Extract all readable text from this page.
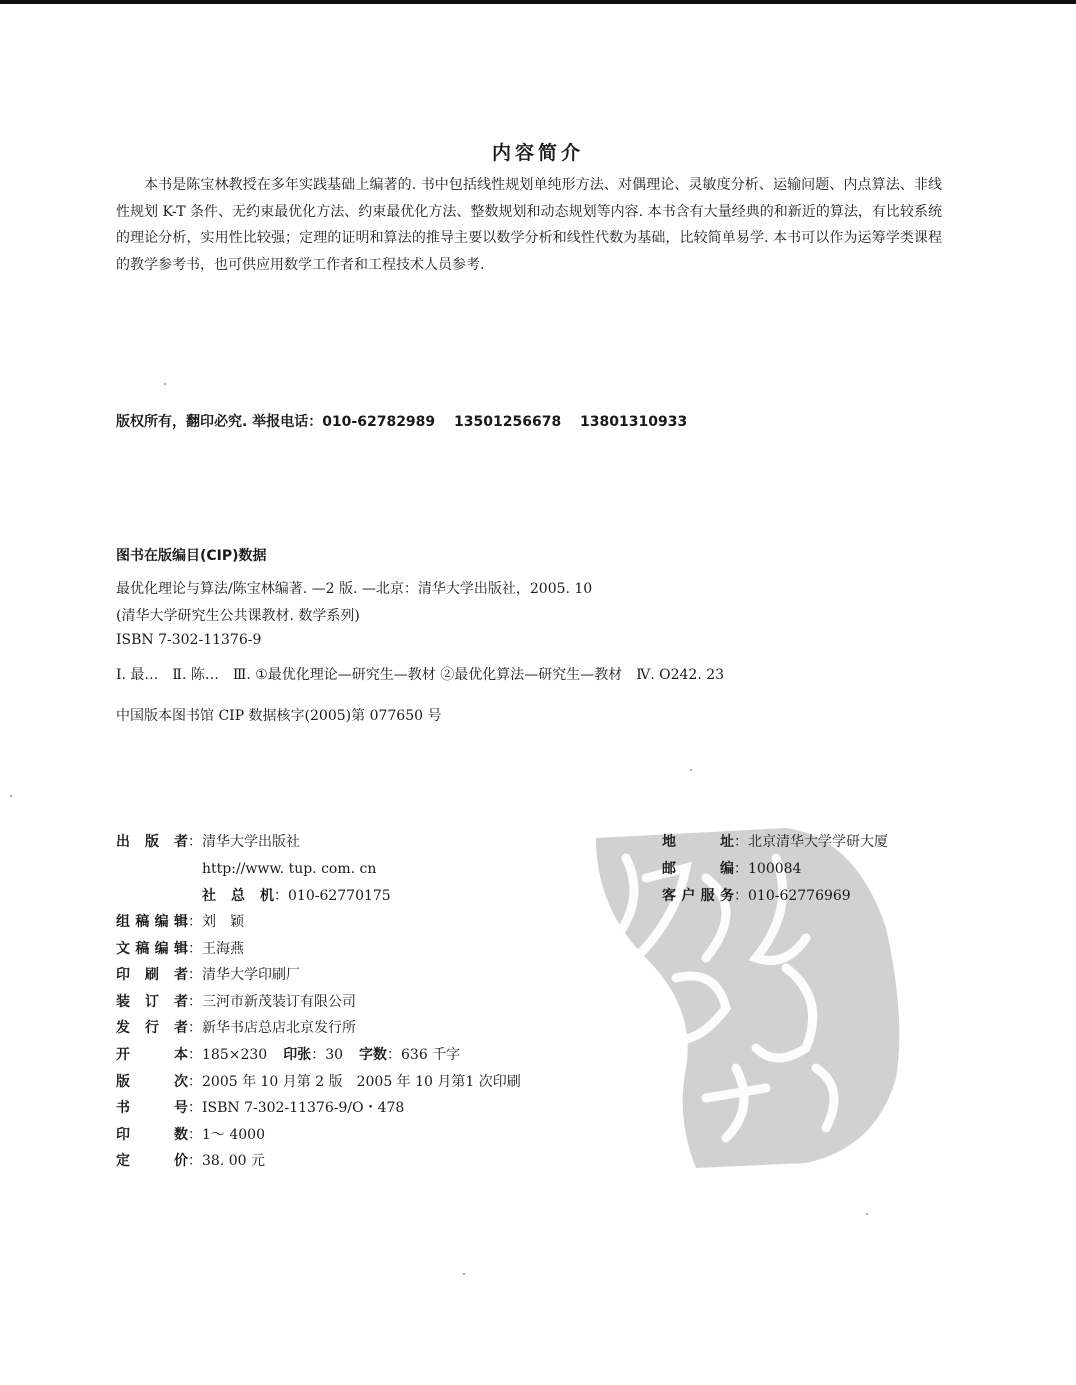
内容简介

本书是陈宝林教授在多年实践基础上编著的. 书中包括线性规划单纯形方法、对偶理论、灵敏度分析、运输问题、内点算法、非线性规划 K-T 条件、无约束最优化方法、约束最优化方法、整数规划和动态规划等内容. 本书含有大量经典的和新近的算法，有比较系统的理论分析，实用性比较强；定理的证明和算法的推导主要以数学分析和线性代数为基础，比较简单易学. 本书可以作为运筹学类课程的教学参考书，也可供应用数学工作者和工程技术人员参考.

版权所有，翻印必究. 举报电话：010-62782989　 13501256678　 13801310933
图书在版编目(CIP)数据
最优化理论与算法/陈宝林编著. —2 版. —北京：清华大学出版社，2005. 10
(清华大学研究生公共课教材. 数学系列)
ISBN 7-302-11376-9
Ⅰ. 最…　Ⅱ. 陈…　Ⅲ. ①最优化理论—研究生—教材 ②最优化算法—研究生—教材　Ⅳ. O242. 23
中国版本图书馆 CIP 数据核字(2005)第 077650 号
出版者：清华大学出版社
http://www. tup. com. cn
社总机：010-62770175
组稿编辑：刘　颖
文稿编辑：王海燕
印刷者：清华大学印刷厂
装订者：三河市新茂装订有限公司
发行者：新华书店总店北京发行所
开本：185×230 印张：30 字数：636 千字
版次：2005 年 10 月第 2 版　2005 年 10 月第1 次印刷
书号：ISBN 7-302-11376-9/O・478
印数：1～ 4000
定价：38. 00 元
地址：北京清华大学学研大厦
邮编：100084
客户服务：010-62776969
